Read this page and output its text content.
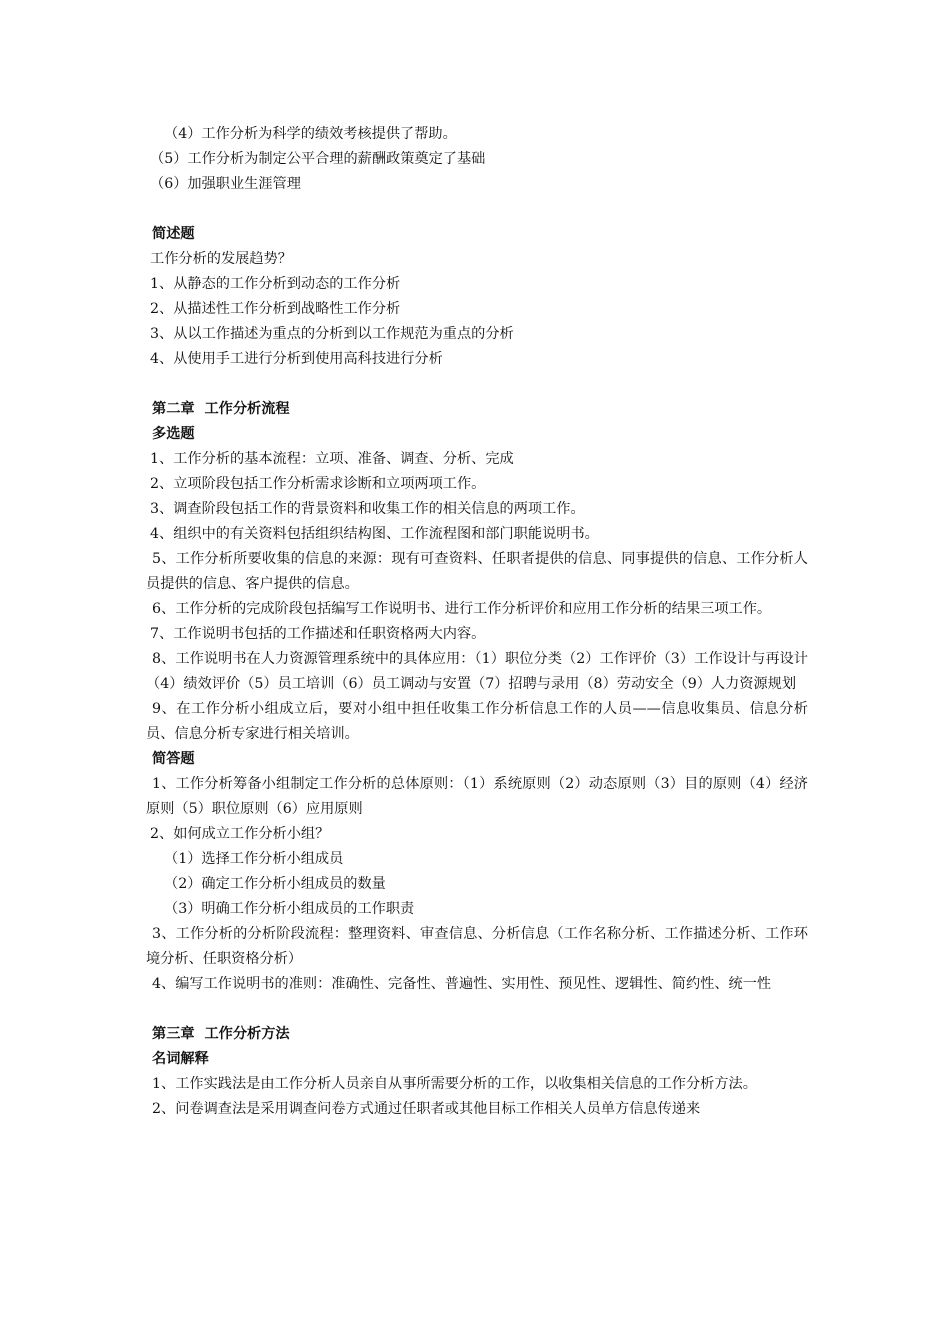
（4）工作分析为科学的绩效考核提供了帮助。
（5）工作分析为制定公平合理的薪酬政策奠定了基础
（6）加强职业生涯管理
简述题
工作分析的发展趋势？
1、从静态的工作分析到动态的工作分析
2、从描述性工作分析到战略性工作分析
3、从以工作描述为重点的分析到以工作规范为重点的分析
4、从使用手工进行分析到使用高科技进行分析
第二章  工作分析流程
多选题
1、工作分析的基本流程：立项、准备、调查、分析、完成
2、立项阶段包括工作分析需求诊断和立项两项工作。
3、调查阶段包括工作的背景资料和收集工作的相关信息的两项工作。
4、组织中的有关资料包括组织结构图、工作流程图和部门职能说明书。
5、工作分析所要收集的信息的来源：现有可查资料、任职者提供的信息、同事提供的信息、工作分析人员提供的信息、客户提供的信息。
6、工作分析的完成阶段包括编写工作说明书、进行工作分析评价和应用工作分析的结果三项工作。
7、工作说明书包括的工作描述和任职资格两大内容。
8、工作说明书在人力资源管理系统中的具体应用：（1）职位分类（2）工作评价（3）工作设计与再设计（4）绩效评价（5）员工培训（6）员工调动与安置（7）招聘与录用（8）劳动安全（9）人力资源规划
9、在工作分析小组成立后，要对小组中担任收集工作分析信息工作的人员——信息收集员、信息分析员、信息分析专家进行相关培训。
简答题
1、工作分析筹备小组制定工作分析的总体原则：（1）系统原则（2）动态原则（3）目的原则（4）经济原则（5）职位原则（6）应用原则
2、如何成立工作分析小组？
（1）选择工作分析小组成员
（2）确定工作分析小组成员的数量
（3）明确工作分析小组成员的工作职责
3、工作分析的分析阶段流程：整理资料、审查信息、分析信息（工作名称分析、工作描述分析、工作环境分析、任职资格分析）
4、编写工作说明书的准则：准确性、完备性、普遍性、实用性、预见性、逻辑性、简约性、统一性
第三章  工作分析方法
名词解释
1、工作实践法是由工作分析人员亲自从事所需要分析的工作，以收集相关信息的工作分析方法。
2、问卷调查法是采用调查问卷方式通过任职者或其他目标工作相关人员单方信息传递来
